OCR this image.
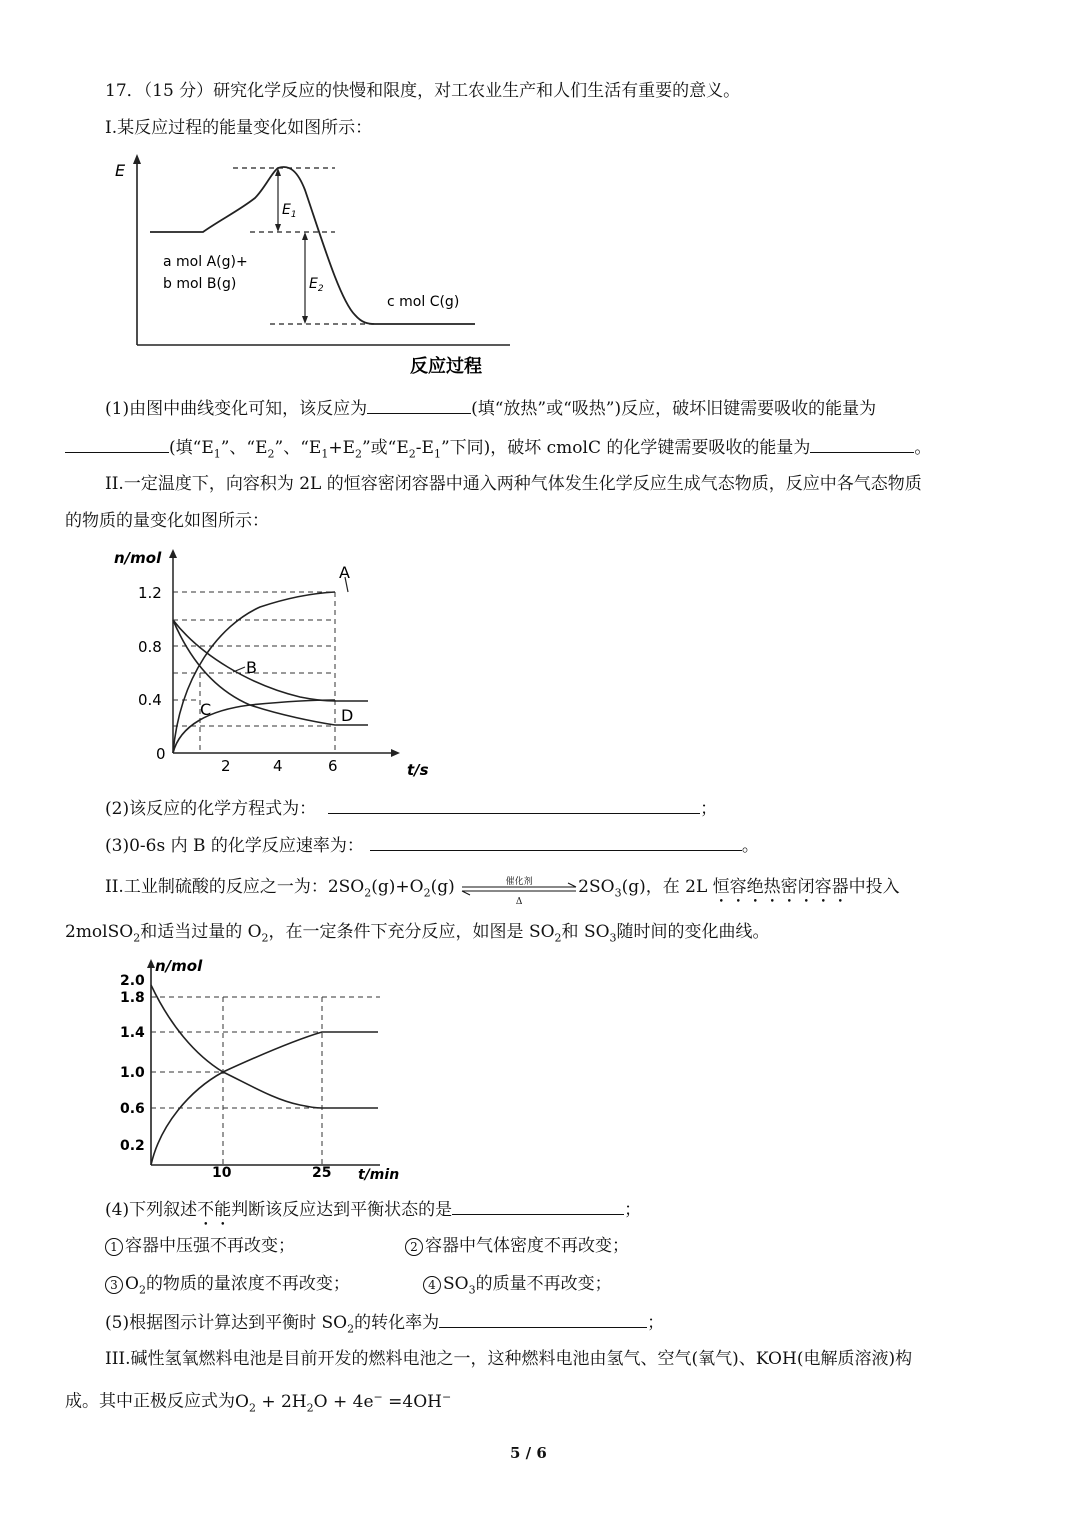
17．（15 分）研究化学反应的快慢和限度，对工农业生产和人们生活有重要的意义。
I.某反应过程的能量变化如图所示：
E
$E_1$
$E_2$
a mol A(g)+
b mol B(g)
c mol C(g)
反应过程
(1)由图中曲线变化可知，该反应为	(填“放热”或“吸热”)反应，破坏旧键需要吸收的能量为
(填“$E_1$”、“$E_2$”、“$E_1+E_2$”或“$E_2-E_1$”下同)，破坏 cmolC 的化学键需要吸收的能量为	。
II.一定温度下，向容积为 2L 的恒容密闭容器中通入两种气体发生化学反应生成气态物质，反应中各气态物质
的物质的量变化如图所示：
n/mol
1.2
0.8
0.4
0
2	4	6	t/s
A
B
C	D
(2)该反应的化学方程式为：	；
(3)0-6s 内 B 的化学反应速率为：	。
II.工业制硫酸的反应之一为：$2SO_2(g)+O_2(g)$	催化剂
Δ
$2SO_3(g)$，在 2L 恒容绝热密闭容器中投入
2molSO$_2$和适当过量的 $O_2$，在一定条件下充分反应，如图是 $SO_2$和 $SO_3$随时间的变化曲线。
n/mol
2.0
1.8
1.4
1.0
0.6
0.2
10	25 t/min
(4)下列叙述不能判断该反应达到平衡状态的是	；
1 容器中压强不再改变；	2 容器中气体密度不再改变；
3 $O_2$的物质的量浓度不再改变；	4 $SO_3$的质量不再改变；
(5)根据图示计算达到平衡时 $SO_2$的转化率为	；
III.碱性氢氧燃料电池是目前开发的燃料电池之一，这种燃料电池由氢气、空气(氧气)、KOH(电解质溶液)构
成。其中正极反应式为$O_2 + 2H_2O + 4e^- =4OH^-$
5 / 6
